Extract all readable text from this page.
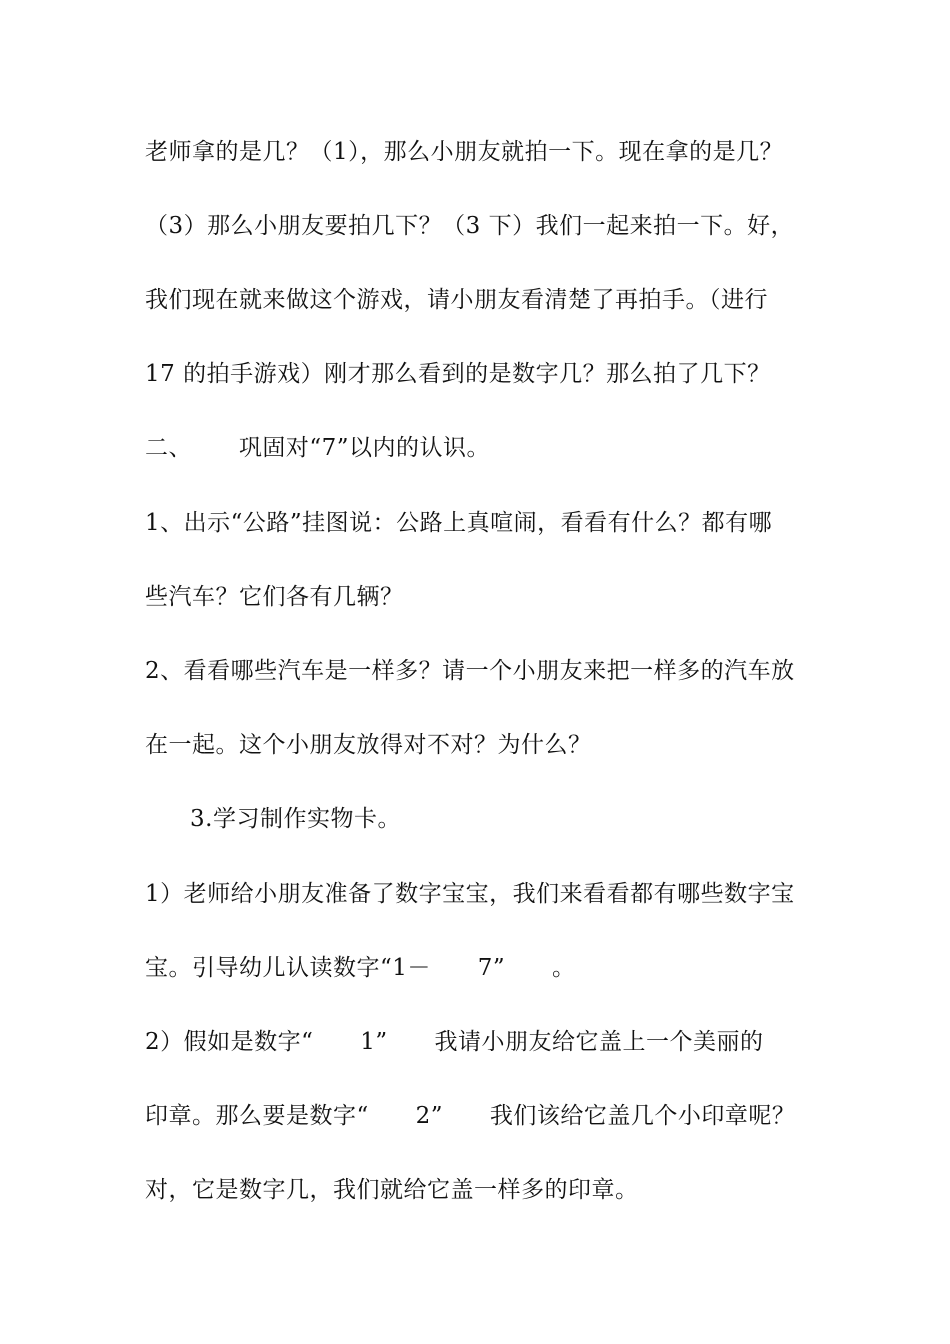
老师拿的是几？（1），那么小朋友就拍一下。现在拿的是几？
（3）那么小朋友要拍几下？（3 下）我们一起来拍一下。好，
我们现在就来做这个游戏，请小朋友看清楚了再拍手。（进行
17 的拍手游戏）刚才那么看到的是数字几？那么拍了几下？
二、      巩固对“7”以内的认识。
1、出示“公路”挂图说：公路上真喧闹，看看有什么？都有哪
些汽车？它们各有几辆？
2、看看哪些汽车是一样多？请一个小朋友来把一样多的汽车放
在一起。这个小朋友放得对不对？为什么？
3.学习制作实物卡。
1）老师给小朋友准备了数字宝宝，我们来看看都有哪些数字宝
宝。引导幼儿认读数字“1－      7”      。
2）假如是数字“      1”      我请小朋友给它盖上一个美丽的
印章。那么要是数字“      2”      我们该给它盖几个小印章呢？
对，它是数字几，我们就给它盖一样多的印章。
